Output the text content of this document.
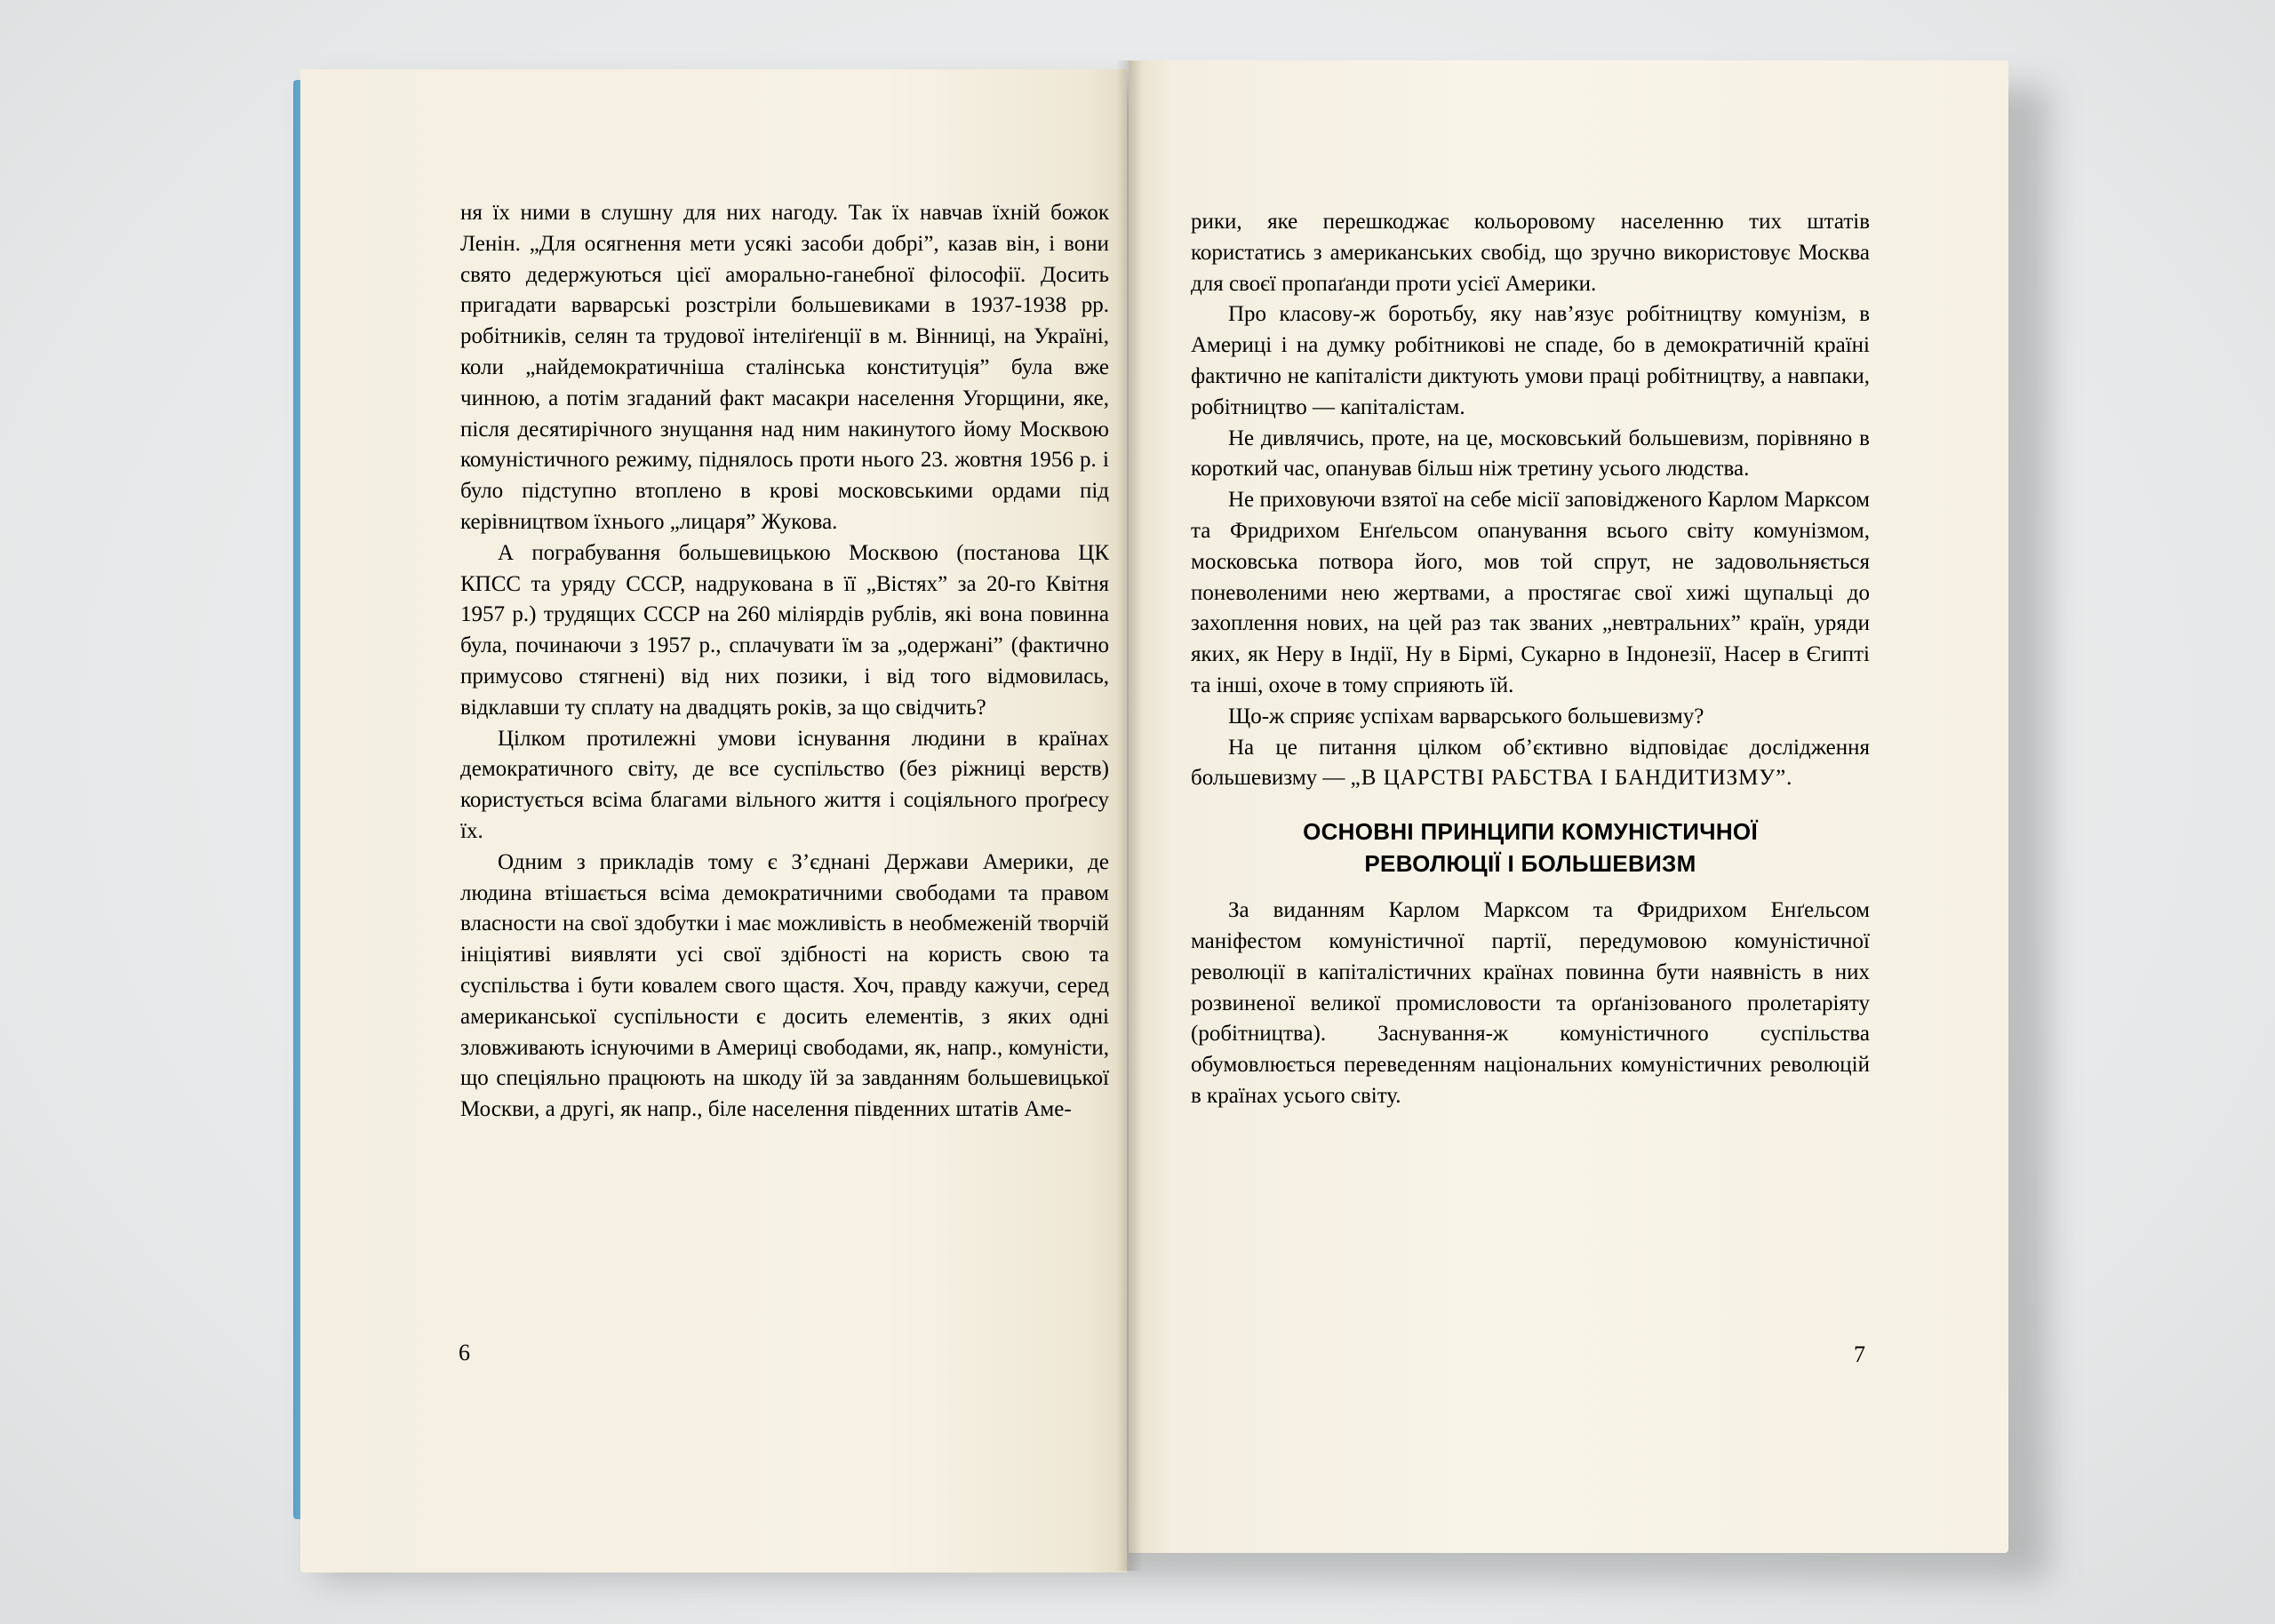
ня їх ними в слушну для них нагоду. Так їх навчав їхній божок Ленін. „Для осягнення мети усякі засоби добрі”, казав він, і вони свято дедержуються цієї аморально-ганебної філософії. Досить пригадати варварські розстріли большевиками в 1937-1938 рр. робітників, селян та трудової інтеліґенції в м. Вінниці, на Україні, коли „найдемократичніша сталінська конституція” була вже чинною, а потім згаданий факт масакри населення Угорщини, яке, після десятирічного знущання над ним накинутого йому Москвою комуністичного режиму, піднялось проти нього 23. жовтня 1956 р. і було підступно втоплено в крові московськими ордами під керівництвом їхнього „лицаря” Жукова.

А пограбування большевицькою Москвою (постанова ЦК КПСС та уряду СССР, надрукована в її „Вістях” за 20-го Квітня 1957 р.) трудящих СССР на 260 міліярдів рублів, які вона повинна була, починаючи з 1957 р., сплачувати їм за „одержані” (фактично примусово стягнені) від них позики, і від того відмовилась, відклавши ту сплату на двадцять років, за що свідчить?

Цілком протилежні умови існування людини в країнах демократичного світу, де все суспільство (без ріжниці верств) користується всіма благами вільного життя і соціяльного проґресу їх.

Одним з прикладів тому є З’єднані Держави Америки, де людина втішається всіма демократичними свободами та правом власности на свої здобутки і має можливість в необмеженій творчій ініціятиві виявляти усі свої здібності на користь свою та суспільства і бути ковалем свого щастя. Хоч, правду кажучи, серед американської суспільности є досить елементів, з яких одні зловживають існуючими в Америці свободами, як, напр., комуністи, що спеціяльно працюють на шкоду їй за завданням большевицької Москви, а другі, як напр., біле населення південних штатів Аме-

6

рики, яке перешкоджає кольоровому населенню тих штатів користатись з американських свобід, що зручно використовує Москва для своєї пропаґанди проти усієї Америки.

Про класову-ж боротьбу, яку нав’язує робітництву комунізм, в Америці і на думку робітникові не спаде, бо в демократичній країні фактично не капіталісти диктують умови праці робітництву, а навпаки, робітництво — капіталістам.

Не дивлячись, проте, на це, московський большевизм, порівняно в короткий час, опанував більш ніж третину усього людства.

Не приховуючи взятої на себе місії заповідженого Карлом Марксом та Фридрихом Енґельсом опанування всього світу комунізмом, московська потвора його, мов той спрут, не задовольняється поневоленими нею жертвами, а простягає свої хижі щупальці до захоплення нових, на цей раз так званих „невтральних” країн, уряди яких, як Неру в Індії, Ну в Бірмі, Сукарно в Індонезії, Насер в Єгипті та інші, охоче в тому сприяють їй.

Що-ж сприяє успіхам варварського большевизму?

На це питання цілком об’єктивно відповідає дослідження большевизму — „В ЦАРСТВІ РАБСТВА І БАНДИТИЗМУ”.

ОСНОВНІ ПРИНЦИПИ КОМУНІСТИЧНОЇ
РЕВОЛЮЦІЇ І БОЛЬШЕВИЗМ

За виданням Карлом Марксом та Фридрихом Енґельсом маніфестом комуністичної партії, передумовою комуністичної революції в капіталістичних країнах повинна бути наявність в них розвиненої великої промисловости та орґанізованого пролетаріяту (робітництва). Заснування-ж комуністичного суспільства обумовлюється переведенням національних комуністичних революцій в країнах усього світу.

7
